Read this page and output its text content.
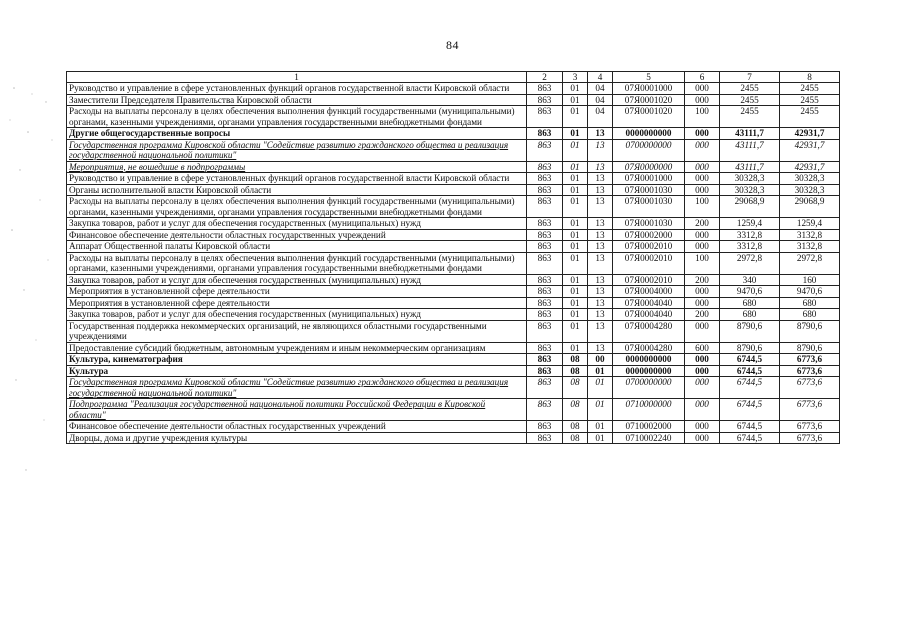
84
1	2	3	4	5	6	7	8
Руководство и управление в сфере установленных функций органов государственной власти Кировской области	863	01	04	07Я0001000	000	2455	2455
Заместители Председателя Правительства Кировской области	863	01	04	07Я0001020	000	2455	2455
Расходы на выплаты персоналу в целях обеспечения выполнения функций государственными (муниципальными) органами, казенными учреждениями, органами управления государственными внебюджетными фондами	863	01	04	07Я0001020	100	2455	2455
Другие общегосударственные вопросы	863	01	13	0000000000	000	43111,7	42931,7
Государственная программа Кировской области "Содействие развитию гражданского общества и реализация государственной национальной политики"	863	01	13	0700000000	000	43111,7	42931,7
Мероприятия, не вошедшие в подпрограммы	863	01	13	07Я0000000	000	43111,7	42931,7
Руководство и управление в сфере установленных функций органов государственной власти Кировской области	863	01	13	07Я0001000	000	30328,3	30328,3
Органы исполнительной власти Кировской области	863	01	13	07Я0001030	000	30328,3	30328,3
Расходы на выплаты персоналу в целях обеспечения выполнения функций государственными (муниципальными) органами, казенными учреждениями, органами управления государственными внебюджетными фондами	863	01	13	07Я0001030	100	29068,9	29068,9
Закупка товаров, работ и услуг для обеспечения государственных (муниципальных) нужд	863	01	13	07Я0001030	200	1259,4	1259,4
Финансовое обеспечение деятельности областных государственных учреждений	863	01	13	07Я0002000	000	3312,8	3132,8
Аппарат Общественной палаты Кировской области	863	01	13	07Я0002010	000	3312,8	3132,8
Расходы на выплаты персоналу в целях обеспечения выполнения функций государственными (муниципальными) органами, казенными учреждениями, органами управления государственными внебюджетными фондами	863	01	13	07Я0002010	100	2972,8	2972,8
Закупка товаров, работ и услуг для обеспечения государственных (муниципальных) нужд	863	01	13	07Я0002010	200	340	160
Мероприятия в установленной сфере деятельности	863	01	13	07Я0004000	000	9470,6	9470,6
Мероприятия в установленной сфере деятельности	863	01	13	07Я0004040	000	680	680
Закупка товаров, работ и услуг для обеспечения государственных (муниципальных) нужд	863	01	13	07Я0004040	200	680	680
Государственная поддержка некоммерческих организаций, не являющихся областными государственными учреждениями	863	01	13	07Я0004280	000	8790,6	8790,6
Предоставление субсидий бюджетным, автономным учреждениям и иным некоммерческим организациям	863	01	13	07Я0004280	600	8790,6	8790,6
Культура, кинематография	863	08	00	0000000000	000	6744,5	6773,6
Культура	863	08	01	0000000000	000	6744,5	6773,6
Государственная программа Кировской области "Содействие развитию гражданского общества и реализация государственной национальной политики"	863	08	01	0700000000	000	6744,5	6773,6
Подпрограмма "Реализация государственной национальной политики Российской Федерации в Кировской области"	863	08	01	0710000000	000	6744,5	6773,6
Финансовое обеспечение деятельности областных государственных учреждений	863	08	01	0710002000	000	6744,5	6773,6
Дворцы, дома и другие учреждения культуры	863	08	01	0710002240	000	6744,5	6773,6
